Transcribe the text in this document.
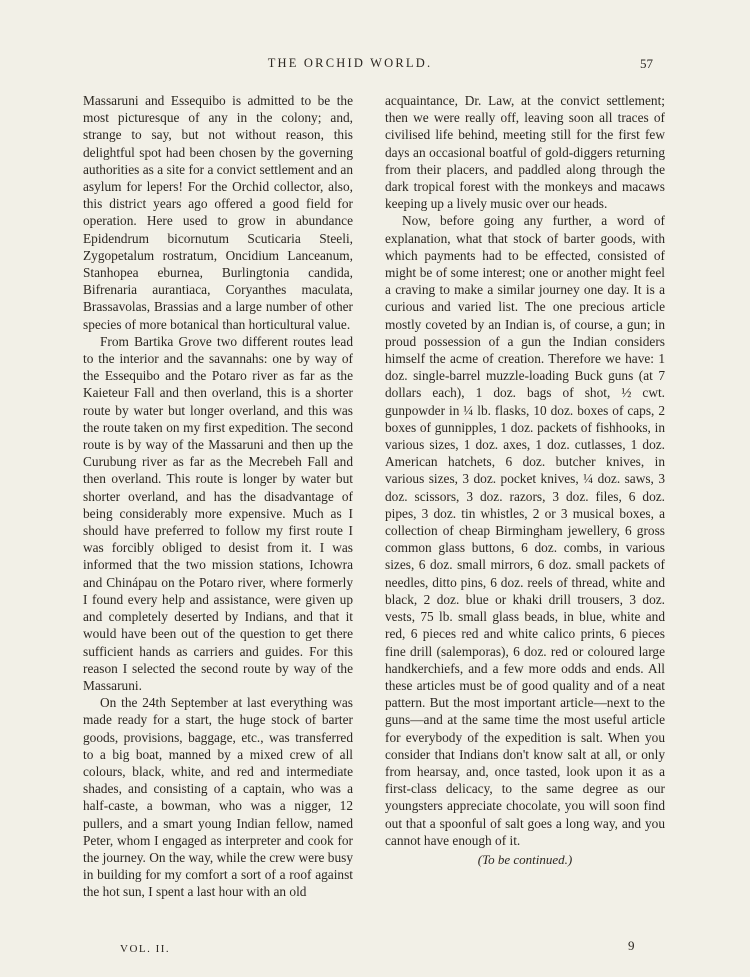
THE ORCHID WORLD.	57

Massaruni and Essequibo is admitted to be the most picturesque of any in the colony; and, strange to say, but not without reason, this delightful spot had been chosen by the governing authorities as a site for a convict settlement and an asylum for lepers! For the Orchid collector, also, this district years ago offered a good field for operation. Here used to grow in abundance Epidendrum bicornutum Scuticaria Steeli, Zygopetalum rostratum, Oncidium Lanceanum, Stanhopea eburnea, Burlingtonia candida, Bifrenaria aurantiaca, Coryanthes maculata, Brassavolas, Brassias and a large number of other species of more botanical than horticultural value.

From Bartika Grove two different routes lead to the interior and the savannahs: one by way of the Essequibo and the Potaro river as far as the Kaieteur Fall and then overland, this is a shorter route by water but longer overland, and this was the route taken on my first expedition. The second route is by way of the Massaruni and then up the Curubung river as far as the Mecrebeh Fall and then overland. This route is longer by water but shorter overland, and has the disadvantage of being considerably more expensive. Much as I should have preferred to follow my first route I was forcibly obliged to desist from it. I was informed that the two mission stations, Ichowra and Chinápau on the Potaro river, where formerly I found every help and assistance, were given up and completely deserted by Indians, and that it would have been out of the question to get there sufficient hands as carriers and guides. For this reason I selected the second route by way of the Massaruni.

On the 24th September at last everything was made ready for a start, the huge stock of barter goods, provisions, baggage, etc., was transferred to a big boat, manned by a mixed crew of all colours, black, white, and red and intermediate shades, and consisting of a captain, who was a half-caste, a bowman, who was a nigger, 12 pullers, and a smart young Indian fellow, named Peter, whom I engaged as interpreter and cook for the journey. On the way, while the crew were busy in building for my comfort a sort of a roof against the hot sun, I spent a last hour with an old

acquaintance, Dr. Law, at the convict settlement; then we were really off, leaving soon all traces of civilised life behind, meeting still for the first few days an occasional boatful of gold-diggers returning from their placers, and paddled along through the dark tropical forest with the monkeys and macaws keeping up a lively music over our heads.

Now, before going any further, a word of explanation, what that stock of barter goods, with which payments had to be effected, consisted of might be of some interest; one or another might feel a craving to make a similar journey one day. It is a curious and varied list. The one precious article mostly coveted by an Indian is, of course, a gun; in proud possession of a gun the Indian considers himself the acme of creation. Therefore we have: 1 doz. single-barrel muzzle-loading Buck guns (at 7 dollars each), 1 doz. bags of shot, ½ cwt. gunpowder in ¼ lb. flasks, 10 doz. boxes of caps, 2 boxes of gunnipples, 1 doz. packets of fishhooks, in various sizes, 1 doz. axes, 1 doz. cutlasses, 1 doz. American hatchets, 6 doz. butcher knives, in various sizes, 3 doz. pocket knives, ¼ doz. saws, 3 doz. scissors, 3 doz. razors, 3 doz. files, 6 doz. pipes, 3 doz. tin whistles, 2 or 3 musical boxes, a collection of cheap Birmingham jewellery, 6 gross common glass buttons, 6 doz. combs, in various sizes, 6 doz. small mirrors, 6 doz. small packets of needles, ditto pins, 6 doz. reels of thread, white and black, 2 doz. blue or khaki drill trousers, 3 doz. vests, 75 lb. small glass beads, in blue, white and red, 6 pieces red and white calico prints, 6 pieces fine drill (salemporas), 6 doz. red or coloured large handkerchiefs, and a few more odds and ends. All these articles must be of good quality and of a neat pattern. But the most important article—next to the guns—and at the same time the most useful article for everybody of the expedition is salt. When you consider that Indians don't know salt at all, or only from hearsay, and, once tasted, look upon it as a first-class delicacy, to the same degree as our youngsters appreciate chocolate, you will soon find out that a spoonful of salt goes a long way, and you cannot have enough of it.

(To be continued.)
VOL. II.	9
